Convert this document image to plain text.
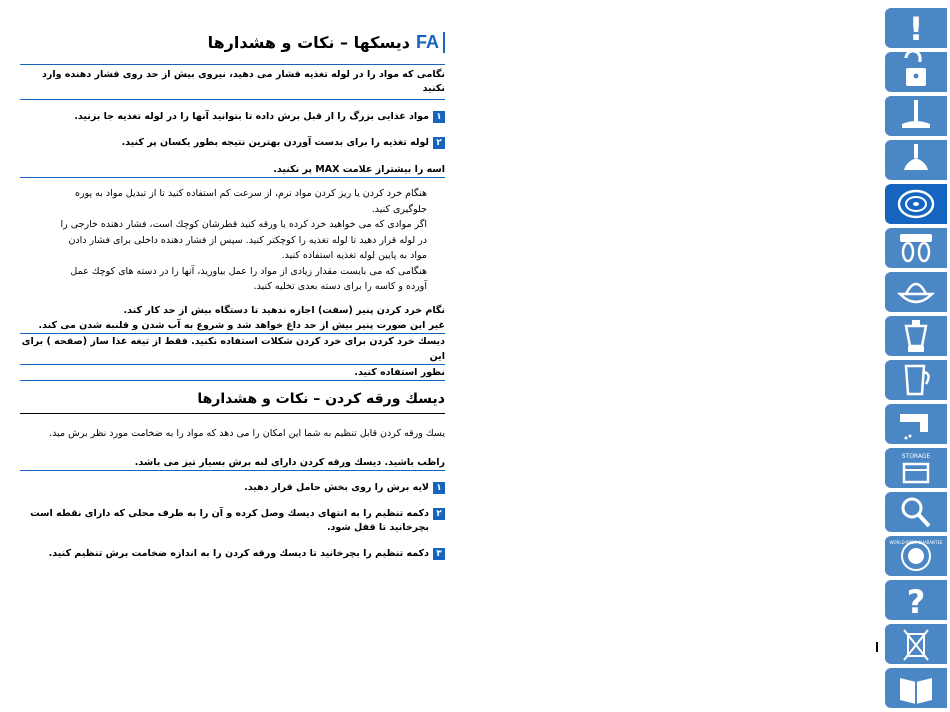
FA
دیسکها – نکات و هشدارها
نگامی که مواد را در لوله تغذیه فشار می دهید، نیروی بیش از حد روی فشار دهنده وارد نکنید
۱
مواد غذایی بزرگ را از قبل برش داده تا بتوانید آنها را در لوله تغذیه جا بزنید.
۲
لوله تغذیه را برای بدست آوردن بهترین نتیجه بطور یکسان پر کنید.
اسه را بیشتراز علامت MAX پر نکنید.

هنگام خرد کردن یا ریز کردن مواد نرم، از سرعت کم استفاده کنید تا از تبدیل مواد به پوره جلوگیری کنید.

اگر موادی که می خواهید خرد کرده یا ورقه کنید قطرشان کوچك است، فشار دهنده خارجی را در لوله قرار دهید تا لوله تغذیه را کوچکتر کنید. سپس از فشار دهنده داخلی برای فشار دادن مواد به پایین لوله تغذیه استفاده کنید.

هنگامی که می بایست مقدار زیادی از مواد را عمل بیاورید، آنها را در دسته های کوچك عمل آورده و کاسه را برای دسته بعدی تخلیه کنید.

نگام خرد کردن پنیر (سفت) اجازه ندهید تا دستگاه بیش از حد کار کند.
غیر این صورت پنیر بیش از حد داغ خواهد شد و شروع به آب شدن و قلنبه شدن می کند.
دیسك خرد کردن برای خرد کردن شکلات استفاده نکنید. فقط از تیغه غذا ساز (صفحه ) برای این
نظور استفاده کنید.
دیسك ورقه کردن – نکات و هشدارها
یسك ورقه کردن قابل تنظیم به شما این امکان را می دهد که مواد را به ضخامت مورد نظر برش مید.
راظب باشید. دیسك ورقه کردن دارای لبه برش بسیار تیز می باشد.
۱
لایه برش را روی بخش حامل قرار دهید.
۲
دکمه تنظیم را به انتهای دیسك وصل کرده و آن را به طرف محلی که دارای نقطه است بچرخانید تا قفل شود.
۳
دکمه تنظیم را بچرخانید تا دیسك ورقه کردن را به اندازه ضخامت برش تنظیم کنید.
!
STORAGE
WORLD-WIDE GUARANTEE
?
